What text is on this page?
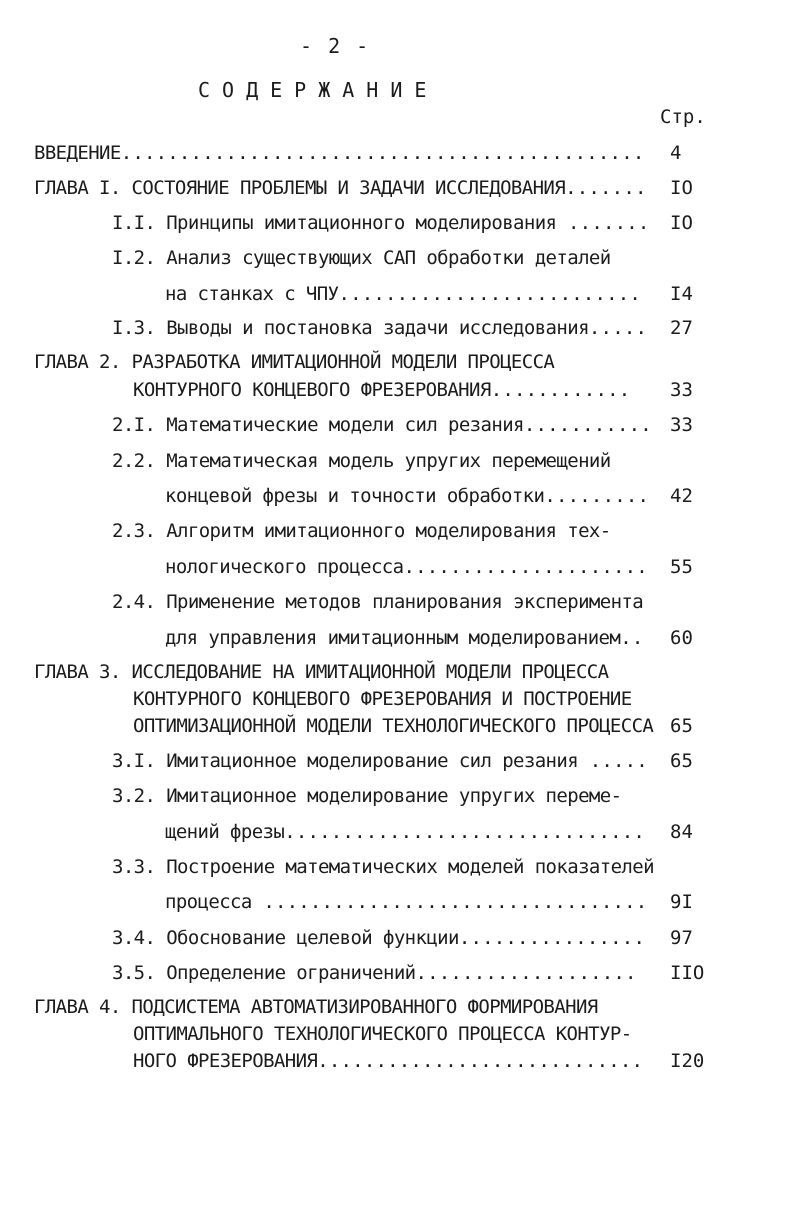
- 2 -
СОДЕРЖАНИЕ
Стр.
ВВЕДЕНИЕ............................................. 4
ГЛАВА I. СОСТОЯНИЕ ПРОБЛЕМЫ И ЗАДАЧИ ИССЛЕДОВАНИЯ....... IO
I.I. Принципы имитационного моделирования ....... IO
I.2. Анализ существующих САП обработки деталей
на станках с ЧПУ.......................... I4
I.3. Выводы и постановка задачи исследования..... 27
ГЛАВА 2. РАЗРАБОТКА ИМИТАЦИОННОЙ МОДЕЛИ ПРОЦЕССА
КОНТУРНОГО КОНЦЕВОГО ФРЕЗЕРОВАНИЯ............ 33
2.I. Математические модели сил резания........... 33
2.2. Математическая модель упругих перемещений
концевой фрезы и точности обработки......... 42
2.3. Алгоритм имитационного моделирования тех-
нологического процесса..................... 55
2.4. Применение методов планирования эксперимента
для управления имитационным моделированием.. 60
ГЛАВА 3. ИССЛЕДОВАНИЕ НА ИМИТАЦИОННОЙ МОДЕЛИ ПРОЦЕССА
КОНТУРНОГО КОНЦЕВОГО ФРЕЗЕРОВАНИЯ И ПОСТРОЕНИЕ
ОПТИМИЗАЦИОННОЙ МОДЕЛИ ТЕХНОЛОГИЧЕСКОГО ПРОЦЕССА 65
3.I. Имитационное моделирование сил резания ..... 65
3.2. Имитационное моделирование упругих переме-
щений фрезы............................... 84
3.3. Построение математических моделей показателей
процесса ................................. 9I
3.4. Обоснование целевой функции................ 97
3.5. Определение ограничений................... IIO
ГЛАВА 4. ПОДСИСТЕМА АВТОМАТИЗИРОВАННОГО ФОРМИРОВАНИЯ
ОПТИМАЛЬНОГО ТЕХНОЛОГИЧЕСКОГО ПРОЦЕССА КОНТУР-
НОГО ФРЕЗЕРОВАНИЯ............................ I20
